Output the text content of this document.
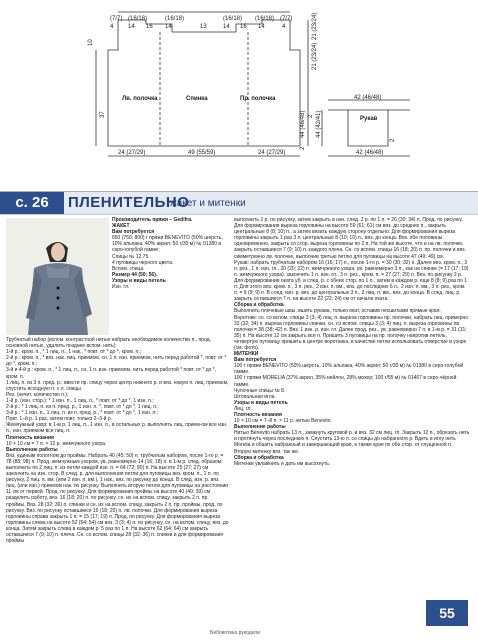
(7/7) (16/18)	(16/18)	(16/18) (16/18) (7/7)
4 14 16 14	13	14 16 14	4
10	21 (23/24)
44 (46/48)
2
37
21 (23/24)
2
Лв. полочка	Спинка	Пр. полочка
Рукав
24 (27/29)	49 (55/59)	24 (27/29)
42 (46/48)
42 (46/48)
44 (42/41)
2
с. 26	ПЛЕНИТЕЛЬНО
жакет и митенки

Производитель пряжи – Gedifra.

ЖАКЕТ

Вам потребуется

650 (750; 800) г пряжи BENEVITO (50% шерсть, 10% альпака, 40% акрил; 50 г/30 м) № 01380 в серо-голубой гамме;

Спицы № 12,75.

4 пуговицы черного цвета.

Вспом. спица.

Размер 44 (50; 56).

Узоры и виды петель

Изн. гл.

Трубчатый набор (вспом. контрастной нитью набрать необходимое количество п., прод. основной нитью, удалить позднее вспом. нить):

1-й р.: кром. п., * 1 лиц. п., 1 нак., * повт. от * до *, кром. п.;

2-й р.: кром. п., * вяз. нак. лиц. приемом, сн. 1 п. изн. приемом, нить перед работой *, повт. от * до *, кром. п.;

3-й и 4-й р.: кром. п., * 1 лиц. п., сн. 1 п. изн. приемом, нить перед работой * повт. от * до *, кром. п.

1 лиц. п. из 3 п. пред. р.: ввести пр. спицу через центр нижнего р. и вяз. новую п. лиц. приемом, спустить исходную п. с л. спицы.

Рез. (нечет. количество п.):

1-й р. (изн. стор.): * 1 изн. п., 1 лиц. п., * повт. от * до *, 1 изн. п.;

2-й р.: * 1 лиц. п. из п. пред. р., 1 изн. п. *, повт. от * до *, 1 лиц. п.;

3-й р.: * 1 изн. п., 1 лиц. п. из п. пред. р., * повт. от * до *, 1 изн. п.;

Повт. 1–й р. 1 раз, затем повт. только 2–3-й р.

Жемчужный узор: в 1-м р. 1 лиц. п., 1 изн. п., в остальных р. выполнять лиц. прием-ом все изн. п., изн. приемом все лиц. п.

Плотность вязания

10 × 10 см = 7 п. × 12 р. жемчужного узора.

Выполнение работы

Вяз. единым полотном до проймы. Набрать 40 (45; 50) п. трубчатым набором, после 1-го р. = 78 (88; 98) п. Прод. жемчужным узором, ув. равномерно 14 (16; 18) п. в 1-м р. спед. образом: выполнить по 2 лиц. п. из петли каждой изн. п. = 64 (72; 80) п. На высоте 25 (27; 27) см закончить на изн. стор. В след. р. для выполнения петли для пуговицы вяз. кром. п., 1 п. по рисунку, 2 лиц. п. вм. (или 2 изн. п. вм.), 1 нак., вяз. по рисунку до конца. В след. изн. р. вяз. лиц. (или изн.) приемом нак. по рисунку. Выполнить вторую петлю для пуговицы на расстоянии 11 см от первой. Прод. по рисунку. Для формирования проймы на высоте 40 (40; 39) см разделить работу, вяз. 16 (18; 20) п. по рисунку, сн. их на вспом. спицу, закрыть 2 п. пр. проймы. Вяз. 28 (32; 36) п. спинки и сн. их на вспом. спицу, закрыть 2 п. пр. проймы, прод. по рисунку. Вяз. по рисунку оставшиеся 16 (18; 20) п. лв. полочки. Для формирования выреза горловины справа закрыть 1 п. = 15 (17; 19) п. Прод. по рисунку. Для формирования выреза горловины слева на высоте 52 (54; 54) см вяз. 3 (3; 4) п. по рисунку, сн. на вспом. спицу, вяз. до конца. Затем закрыть слева в каждом р. 5 раз по 1 п. На высоте 62 (64; 64) см закрыть оставшиеся 7 (9; 10) п. плеча. Сн. со вспом. спицы 28 (32; 36) п. спинки и для формирования проймы

выполнить 2 р. по рисунку, затем закрыть в нач. след. 2 р. по 1 п. = 26 (30; 34) п. Прод. по рисунку. Для формирования выреза горловины на высоте 59 (61; 61) см вяз. до средних п., закрыть центральные 8 (8; 10) п., а затем вязать каждую сторону отдельно. Для формирования выреза горловины закрыть 1 раз 3 п. центральные 8 (10; 10) п., вяз. до конца. Вяз. обе половины одновременно, закрыть со стор. выреза горловины по 2 п. На той же высоте, что и на лв. полочке, закрыть оставшиеся 7 (9; 10) п. каждого плеча. Сн. со вспом. спицы 16 (18; 20) п. пр. полочки и вяз. симметрично лв. полочке, выполнив третью петлю для пуговицы на высоте 47 (49; 49) см.

Рукав: набрать трубчатым набором 16 (16; 17) п., после 1-го р. = 30 (30; 32) п. Далее вяз. кром. п., 3 п. рез., 1 п. изн. гл., 20 (20; 22) п. жемчужного узора, ув. равномерно 3 п., как на спинке (= 17 (17; 19) п. жемчужного узора), закончить 1 п. изн. гл., 3 п. рез., кром. п. = 27 (27; 29) п. Вяз. по рисунку 2 р. Для формирования оката уб. в след. р. с обеих стор. по 1 п., затем в каждом р. еще 8 (8; 9) раз по 1 п. Для этого вяз. кром. п., 3 п. рез., 2 изн. п. вм., вяз. до последних 6 п., 2 изн. п. вм., 3 п. рез., кром. п. = 9 (9; 9) п. В след. изн. р. вяз. до центральных 3 п., 3 лиц. п. вм., вяз. до конца. В след. лиц. р. закрыть оставшиеся 7 п. на высоте 22 (22; 24) см от начала оката.

Сборка и обработка

Выполнить плечевые швы, вшить рукава, только окат, оставив несшитыми прямые края.

Воротник: сн. со вспом. спицы 3 (3; 4) лиц. п. выреза горловины пр. полочки, набрать лиц. примерно 32 (32; 34) п. выреза горловины спинки, сн. со вспом. спицы 3 (3; 4) лиц. п. выреза горловины лв. полочки = 38 (38; 42) п. Вяз. 1 изн. р. изн. гл. Далее прод. рез., ув. равномерно 7 п. в 1-м р. = 31 (31; 35) п. На высоте 12 см закрыть все п. Пришить 3 пуговицы на пр. полочку напротив петель, четвертую пуговицу пришить в центре воротника, в качестве петли использовать отверстие в узоре (см. фото).

МИТЕНКИ

Вам потребуется

100 г пряжи BENEVITO (50% шерсть, 10% альпака, 40% акрил; 50 г/30 м) № 01380 в серо-голубой гамме.

100 г пряжи MORELIA (37% акрил, 35% нейлон, 28% мохер; 100 г/55 м) № 01467 в серо-чёрной гамме.

Чулочные спицы № 8.

Штопальная игла.

Узоры и виды петель

Лиц. гл.

Плотность вязания

10 × 10 см = 7–8 п. × 11 р. нитью Benevito.

Выполнение работы

Нитью Benevito набрать 13 п., замкнуть круговой р. и вяз. 32 см лиц. гл. Закрыть 12 п., обрезать нить и протянуть через последнюю п. Спустить 13-ю п. со спицы до набранного р. Вдеть в иглу нить Morelia и обшить набранный и завершающий края, а также края по обе стор. от спущенной п. Вторую митенку вяз. так же.

Сборка и обработка

Митенки увлажнить и дать им высохнуть.

55
Библиотека рукодели
